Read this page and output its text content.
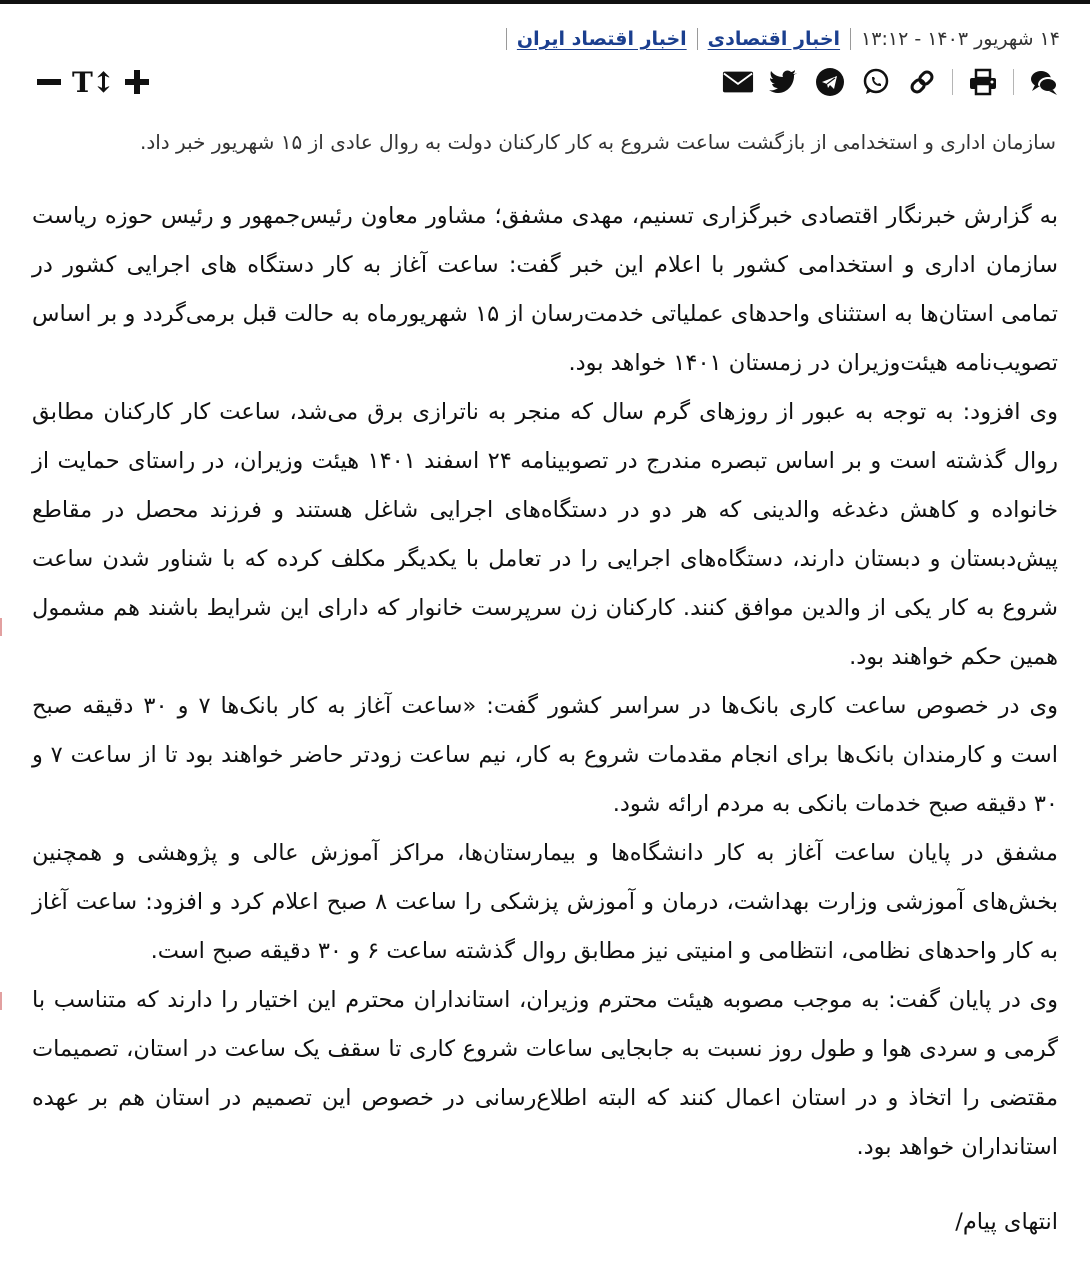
۱۴ شهریور ۱۴۰۳ - ۱۳:۱۲
اخبار اقتصادی
اخبار اقتصاد ایران
T↕
سازمان اداری و استخدامی از بازگشت ساعت شروع به کار کارکنان دولت به روال عادی از ۱۵ شهریور خبر داد.

به گزارش خبرنگار اقتصادی خبرگزاری تسنیم، مهدی مشفق؛ مشاور معاون رئیس‌جمهور و رئیس حوزه ریاست سازمان اداری و استخدامی کشور با اعلام این خبر گفت: ساعت آغاز به کار دستگاه های اجرایی کشور در تمامی استان‌ها به استثنای واحدهای عملیاتی خدمت‌رسان از ۱۵ شهریورماه به حالت قبل برمی‌گردد و بر اساس تصویب‌نامه هیئت‌وزیران در زمستان ۱۴۰۱ خواهد بود.

وی افزود: به توجه به عبور از روزهای گرم سال که منجر به ناترازی برق می‌شد، ساعت کار کارکنان مطابق روال گذشته است و بر اساس تبصره مندرج در تصوبینامه ۲۴ اسفند ۱۴۰۱ هیئت وزیران، در راستای حمایت از خانواده و کاهش دغدغه والدینی که هر دو در دستگاه‌های اجرایی شاغل هستند و فرزند محصل در مقاطع پیش‌دبستان و دبستان دارند، دستگاه‌های اجرایی را در تعامل با یکدیگر مکلف کرده که با شناور شدن ساعت شروع به کار یکی از والدین موافق کنند. کارکنان زن سرپرست خانوار که دارای این شرایط باشند هم مشمول همین حکم خواهند بود.

وی در خصوص ساعت کاری بانک‌ها در سراسر کشور گفت: «ساعت آغاز به کار بانک‌ها ۷ و ۳۰ دقیقه صبح است و کارمندان بانک‌ها برای انجام مقدمات شروع به کار، نیم ساعت زودتر حاضر خواهند بود تا از ساعت ۷ و ۳۰ دقیقه صبح خدمات بانکی به مردم ارائه شود.

مشفق در پایان ساعت آغاز به کار دانشگاه‌ها و بیمارستان‌ها، مراکز آموزش عالی و پژوهشی و همچنین بخش‌های آموزشی وزارت بهداشت، درمان و آموزش پزشکی را ساعت ۸ صبح اعلام کرد و افزود: ساعت آغاز به کار واحدهای نظامی، انتظامی و امنیتی نیز مطابق روال گذشته ساعت ۶ و ۳۰ دقیقه صبح است.

وی در پایان گفت: به موجب مصوبه هیئت محترم وزیران، استانداران محترم این اختیار را دارند که متناسب با گرمی و سردی هوا و طول روز نسبت به جابجایی ساعات شروع کاری تا سقف یک ساعت در استان، تصمیمات مقتضی را اتخاذ و در استان اعمال کنند که البته اطلاع‌رسانی در خصوص این تصمیم در استان هم بر عهده استانداران خواهد بود.

انتهای پیام/
